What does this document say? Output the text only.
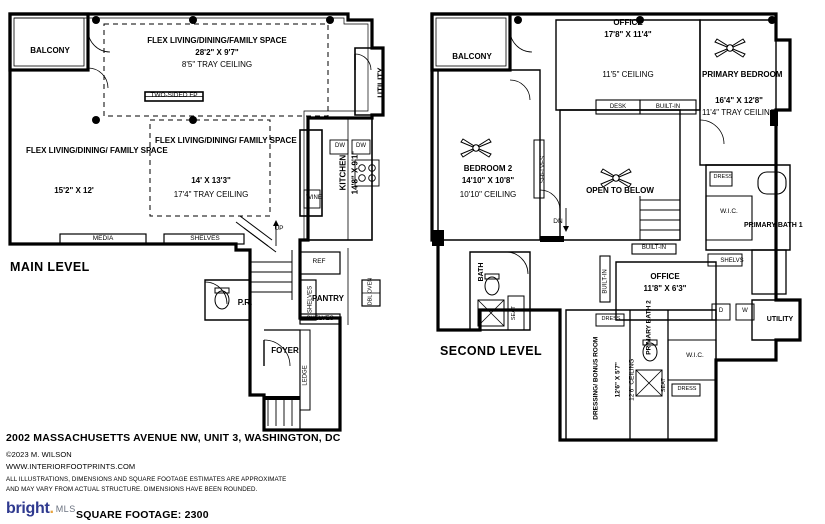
BALCONY
FLEX LIVING/DINING/FAMILY SPACE
28'2" X 9'7"
8'5" TRAY CEILING
FLEX LIVING/DINING/ FAMILY SPACE
15'2" X 12'
FLEX LIVING/DINING/ FAMILY SPACE
14' X 13'3"
17'4" TRAY CEILING
KITCHEN 14'8" X 9'1"
PANTRY
FOYER
UTILITY
P.R.
TWO-SIDED FP
MEDIA	SHELVES
UP
DW	DW
WINE
REF
SHELVES
SHELVES
DBL OVEN
LEDGE
MAIN LEVEL
BALCONY
OFFICE
17'8" X 11'4"
11'5" CEILING	PRIMARY BEDROOM
16'4" X 12'8"
11'4" TRAY CEILING
BEDROOM 2
14'10" X 10'8"
10'10" CEILING	OPEN TO BELOW
OFFICE
11'8" X 6'3"
DRESSING/ BONUS ROOM 12'6" X 5'7" 12'6" CEILING
PRIMARY BATH 1
PRIMARY BATH 2
BATH
UTILITY
DESK	BUILT-IN
BUILT-IN
BUILT-IN
SHELVES
SHELVS
DN
W.I.C.
W.I.C.
DRESS
DRESS
DRESS
SEAT
SEAT
D	W
SECOND LEVEL
2002 MASSACHUSETTS AVENUE NW, UNIT 3, WASHINGTON, DC
©2023 M. WILSON
WWW.INTERIORFOOTPRINTS.COM
ALL ILLUSTRATIONS, DIMENSIONS AND SQUARE FOOTAGE ESTIMATES ARE APPROXIMATE
AND MAY VARY FROM ACTUAL STRUCTURE. DIMENSIONS HAVE BEEN ROUNDED.
SQUARE FOOTAGE: 2300
bright. MLS
